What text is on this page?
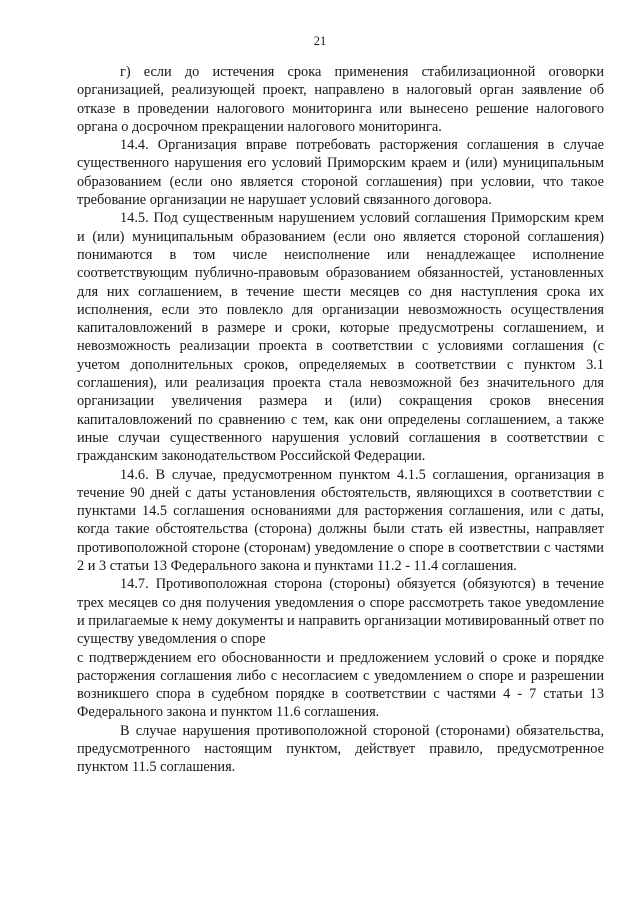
21

г) если до истечения срока применения стабилизационной оговорки организацией, реализующей проект, направлено в налоговый орган заявление об отказе в проведении налогового мониторинга или вынесено решение налогового органа о досрочном прекращении налогового мониторинга.

14.4. Организация вправе потребовать расторжения соглашения в случае существенного нарушения его условий Приморским краем и (или) муниципальным образованием (если оно является стороной соглашения) при условии, что такое требование организации не нарушает условий связанного договора.

14.5. Под существенным нарушением условий соглашения Приморским крем и (или) муниципальным образованием (если оно является стороной соглашения) понимаются в том числе неисполнение или ненадлежащее исполнение соответствующим публично-правовым образованием обязанностей, установленных для них соглашением, в течение шести месяцев со дня наступления срока их исполнения, если это повлекло для организации невозможность осуществления капиталовложений в размере и сроки, которые предусмотрены соглашением, и невозможность реализации проекта в соответствии с условиями соглашения (с учетом дополнительных сроков, определяемых в соответствии с пунктом 3.1 соглашения), или реализация проекта стала невозможной без значительного для организации увеличения размера и (или) сокращения сроков внесения капиталовложений по сравнению с тем, как они определены соглашением, а также иные случаи существенного нарушения условий соглашения в соответствии с гражданским законодательством Российской Федерации.

14.6. В случае, предусмотренном пунктом 4.1.5 соглашения, организация в течение 90 дней с даты установления обстоятельств, являющихся в соответствии с пунктами 14.5 соглашения основаниями для расторжения соглашения, или с даты, когда такие обстоятельства (сторона) должны были стать ей известны, направляет противоположной стороне (сторонам) уведомление о споре в соответствии с частями 2 и 3 статьи 13 Федерального закона и пунктами 11.2 - 11.4 соглашения.

14.7. Противоположная сторона (стороны) обязуется (обязуются) в течение трех месяцев со дня получения уведомления о споре рассмотреть такое уведомление и прилагаемые к нему документы и направить организации мотивированный ответ по существу уведомления о споре

с подтверждением его обоснованности и предложением условий о сроке и порядке расторжения соглашения либо с несогласием с уведомлением о споре и разрешении возникшего спора в судебном порядке в соответствии с частями 4 - 7 статьи 13 Федерального закона и пунктом 11.6 соглашения.

В случае нарушения противоположной стороной (сторонами) обязательства, предусмотренного настоящим пунктом, действует правило, предусмотренное пунктом 11.5 соглашения.
